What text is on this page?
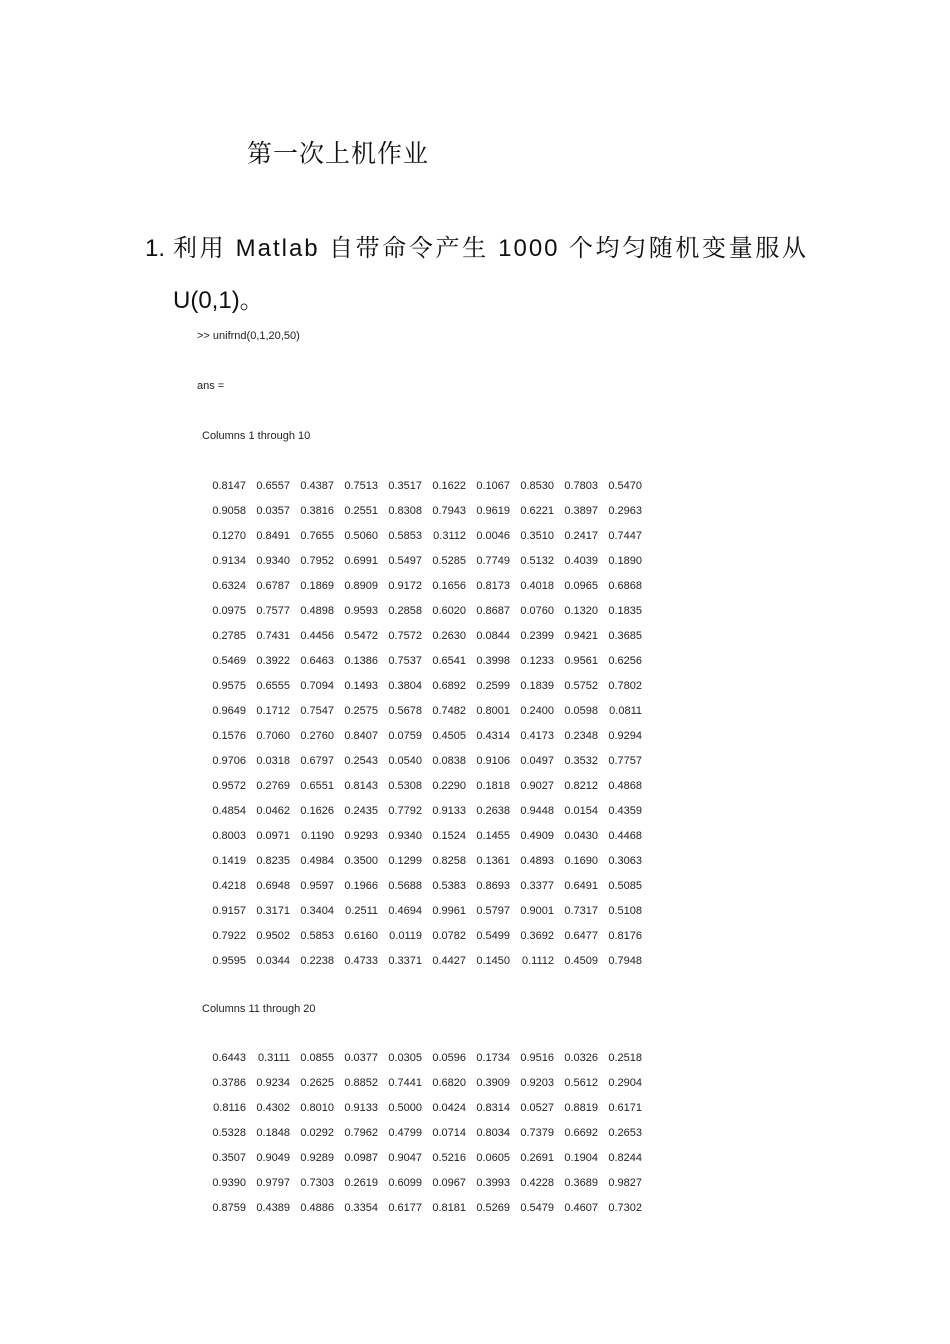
第一次上机作业
1. 利用 Matlab 自带命令产生 1000 个均匀随机变量服从
U(0,1)。
>> unifrnd(0,1,20,50)
ans =
Columns 1 through 10
0.8147	0.6557	0.4387	0.7513	0.3517	0.1622	0.1067	0.8530	0.7803	0.5470
0.9058	0.0357	0.3816	0.2551	0.8308	0.7943	0.9619	0.6221	0.3897	0.2963
0.1270	0.8491	0.7655	0.5060	0.5853	0.3112	0.0046	0.3510	0.2417	0.7447
0.9134	0.9340	0.7952	0.6991	0.5497	0.5285	0.7749	0.5132	0.4039	0.1890
0.6324	0.6787	0.1869	0.8909	0.9172	0.1656	0.8173	0.4018	0.0965	0.6868
0.0975	0.7577	0.4898	0.9593	0.2858	0.6020	0.8687	0.0760	0.1320	0.1835
0.2785	0.7431	0.4456	0.5472	0.7572	0.2630	0.0844	0.2399	0.9421	0.3685
0.5469	0.3922	0.6463	0.1386	0.7537	0.6541	0.3998	0.1233	0.9561	0.6256
0.9575	0.6555	0.7094	0.1493	0.3804	0.6892	0.2599	0.1839	0.5752	0.7802
0.9649	0.1712	0.7547	0.2575	0.5678	0.7482	0.8001	0.2400	0.0598	0.0811
0.1576	0.7060	0.2760	0.8407	0.0759	0.4505	0.4314	0.4173	0.2348	0.9294
0.9706	0.0318	0.6797	0.2543	0.0540	0.0838	0.9106	0.0497	0.3532	0.7757
0.9572	0.2769	0.6551	0.8143	0.5308	0.2290	0.1818	0.9027	0.8212	0.4868
0.4854	0.0462	0.1626	0.2435	0.7792	0.9133	0.2638	0.9448	0.0154	0.4359
0.8003	0.0971	0.1190	0.9293	0.9340	0.1524	0.1455	0.4909	0.0430	0.4468
0.1419	0.8235	0.4984	0.3500	0.1299	0.8258	0.1361	0.4893	0.1690	0.3063
0.4218	0.6948	0.9597	0.1966	0.5688	0.5383	0.8693	0.3377	0.6491	0.5085
0.9157	0.3171	0.3404	0.2511	0.4694	0.9961	0.5797	0.9001	0.7317	0.5108
0.7922	0.9502	0.5853	0.6160	0.0119	0.0782	0.5499	0.3692	0.6477	0.8176
0.9595	0.0344	0.2238	0.4733	0.3371	0.4427	0.1450	0.1112	0.4509	0.7948
Columns 11 through 20
0.6443	0.3111	0.0855	0.0377	0.0305	0.0596	0.1734	0.9516	0.0326	0.2518
0.3786	0.9234	0.2625	0.8852	0.7441	0.6820	0.3909	0.9203	0.5612	0.2904
0.8116	0.4302	0.8010	0.9133	0.5000	0.0424	0.8314	0.0527	0.8819	0.6171
0.5328	0.1848	0.0292	0.7962	0.4799	0.0714	0.8034	0.7379	0.6692	0.2653
0.3507	0.9049	0.9289	0.0987	0.9047	0.5216	0.0605	0.2691	0.1904	0.8244
0.9390	0.9797	0.7303	0.2619	0.6099	0.0967	0.3993	0.4228	0.3689	0.9827
0.8759	0.4389	0.4886	0.3354	0.6177	0.8181	0.5269	0.5479	0.4607	0.7302
